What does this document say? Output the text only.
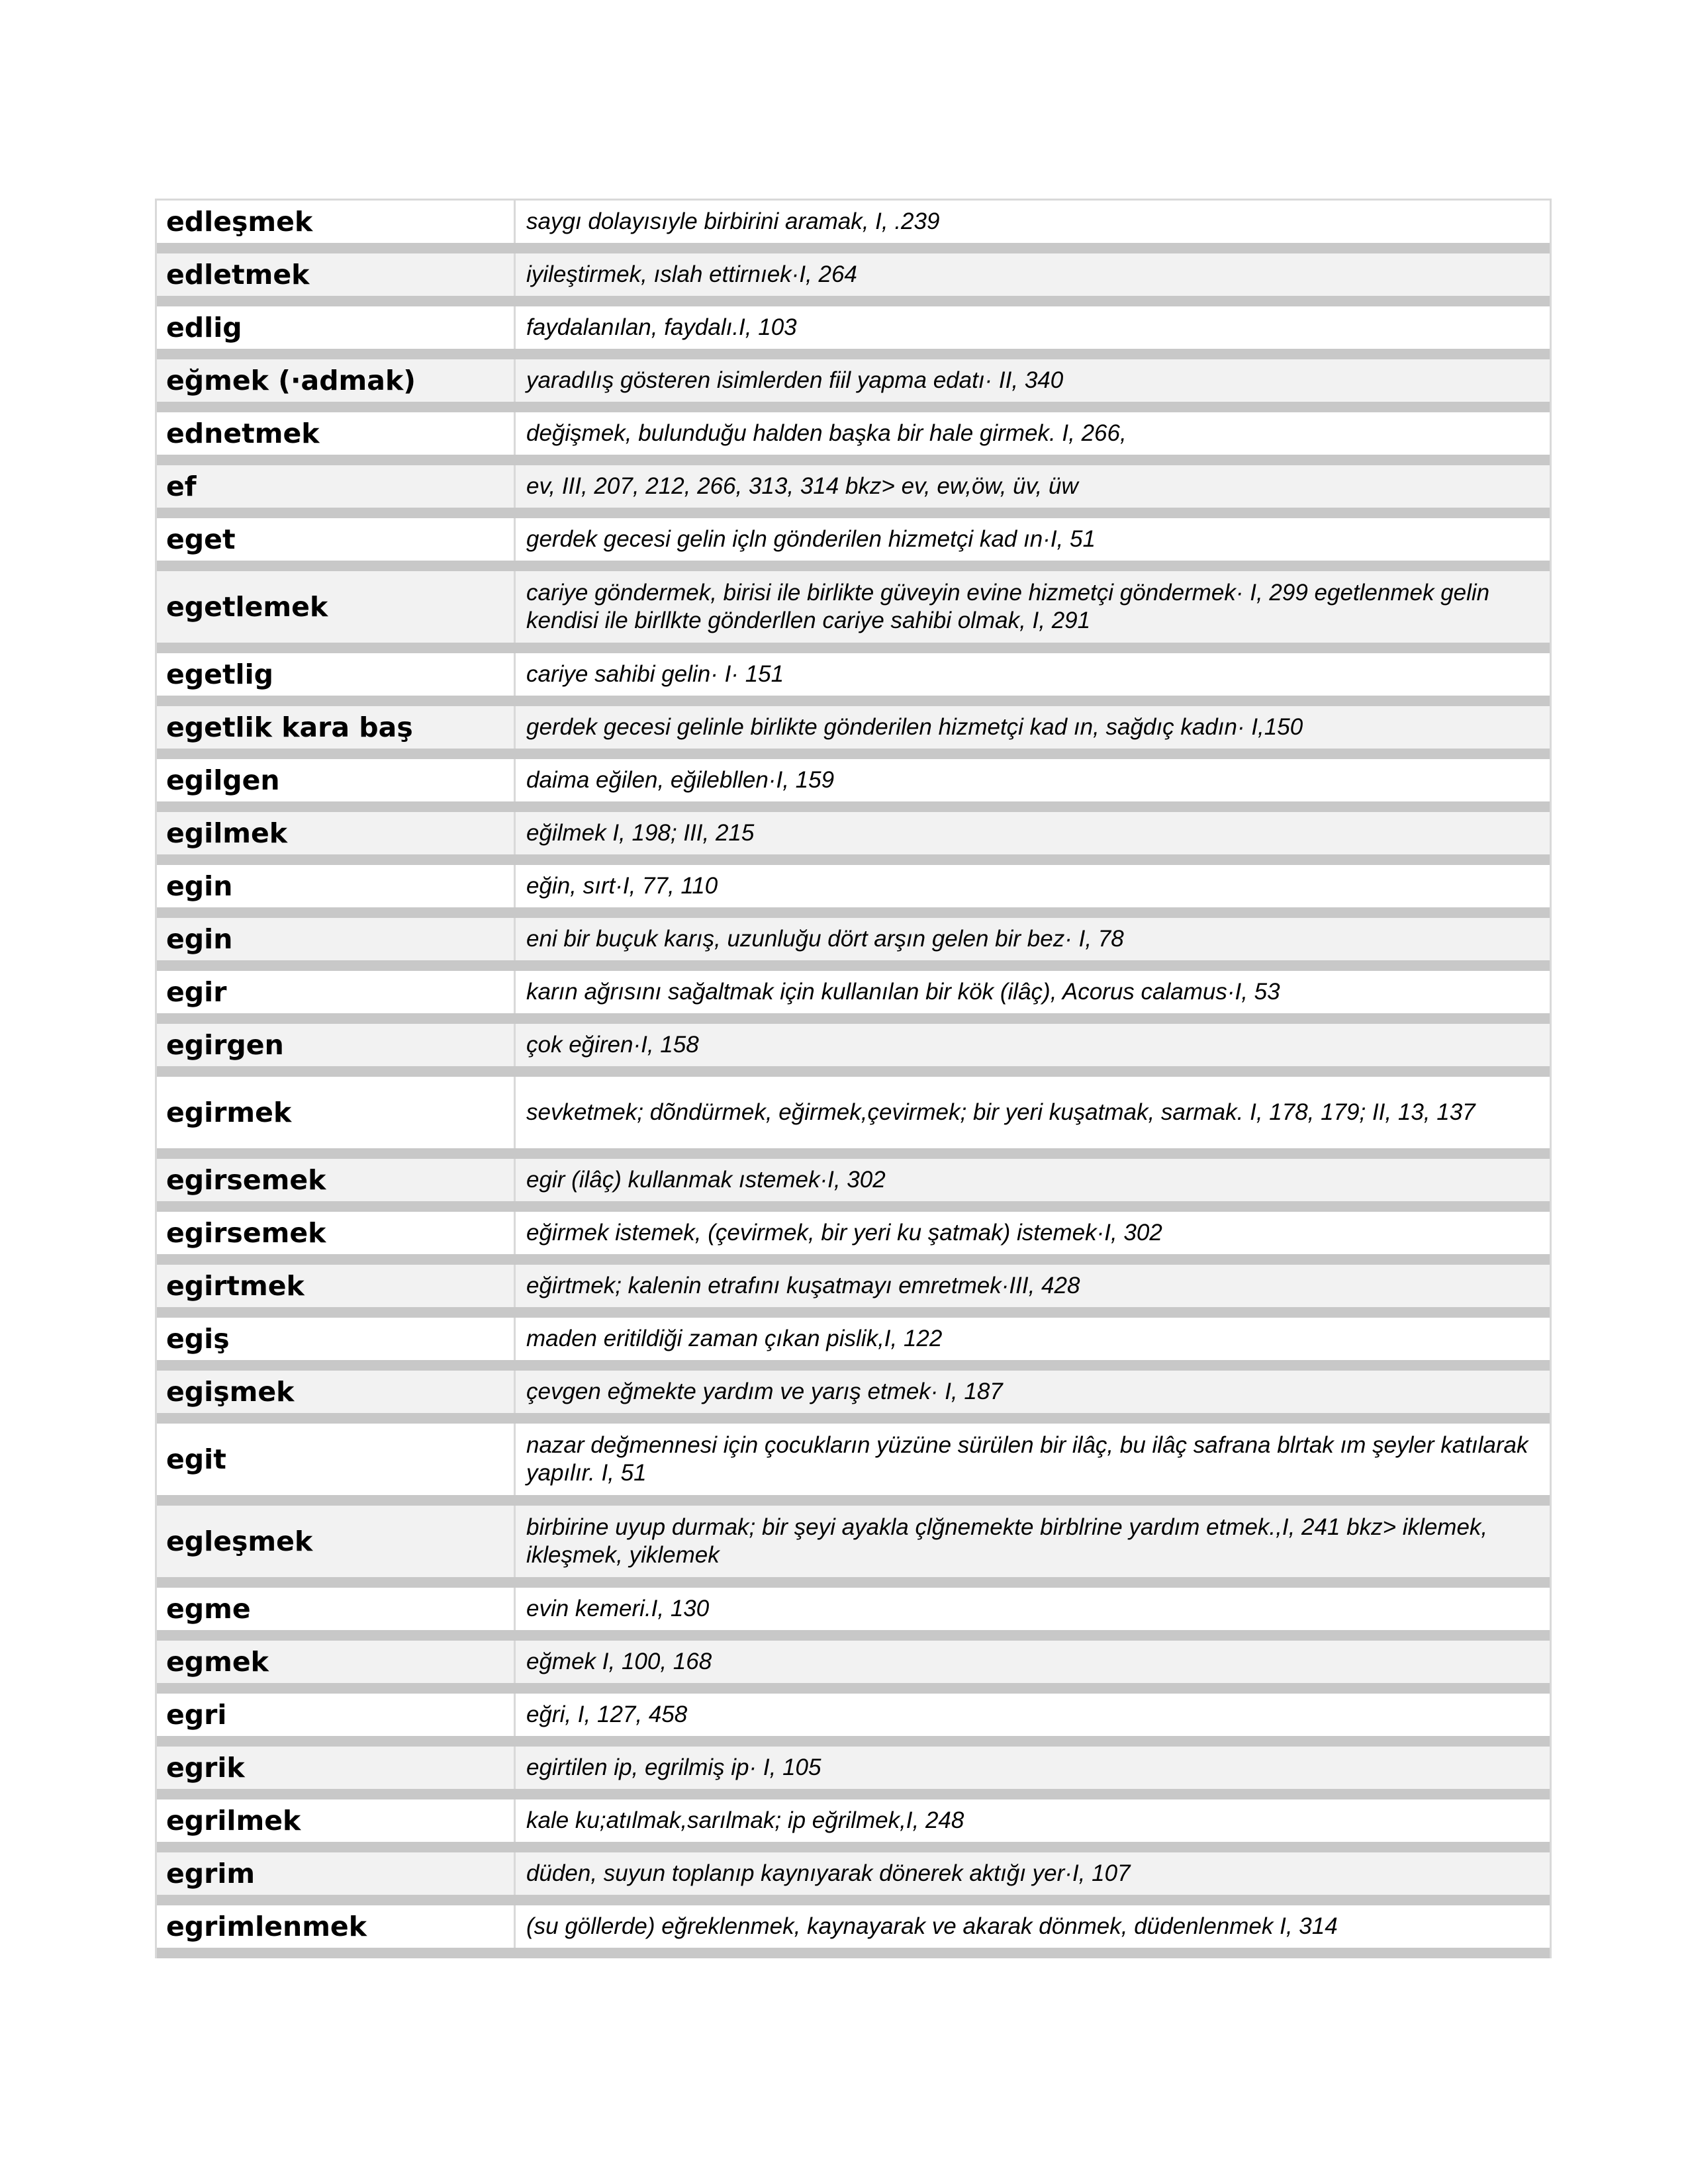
edleşmek	saygı dolayısıyle birbirini aramak, I, .239
edletmek	iyileştirmek, ıslah ettirnıek·I, 264
edlig	faydalanılan, faydalı.I, 103
eğmek (·admak)	yaradılış gösteren isimlerden fiil yapma edatı· II, 340
ednetmek	değişmek, bulunduğu halden başka bir hale girmek. I, 266,
ef	ev, III, 207, 212, 266, 313, 314 bkz> ev, ew,öw, üv, üw
eget	gerdek gecesi gelin içln gönderilen hizmetçi kad ın·I, 51
egetlemek	cariye göndermek, birisi ile birlikte güveyin evine hizmetçi göndermek· I, 299 egetlenmek gelin kendisi ile birllkte gönderllen cariye sahibi olmak, I, 291
egetlig	cariye sahibi gelin· I· 151
egetlik kara baş	gerdek gecesi gelinle birlikte gönderilen hizmetçi kad ın, sağdıç kadın· I,150
egilgen	daima eğilen, eğilebllen·I, 159
egilmek	eğilmek I, 198; III, 215
egin	eğin, sırt·I, 77, 110
egin	eni bir buçuk karış, uzunluğu dört arşın gelen bir bez· I, 78
egir	karın ağrısını sağaltmak için kullanılan bir kök (ilâç), Acorus calamus·I, 53
egirgen	çok eğiren·I, 158
egirmek	sevketmek; dõndürmek, eğirmek,çevirmek; bir yeri kuşatmak, sarmak. I, 178, 179; II, 13, 137
egirsemek	egir (ilâç) kullanmak ıstemek·I, 302
egirsemek	eğirmek istemek, (çevirmek, bir yeri ku şatmak) istemek·I, 302
egirtmek	eğirtmek; kalenin etrafını kuşatmayı emretmek·III, 428
egiş	maden eritildiği zaman çıkan pislik,I, 122
egişmek	çevgen eğmekte yardım ve yarış etmek· I, 187
egit	nazar değmennesi için çocukların yüzüne sürülen bir ilâç, bu ilâç safrana blrtak ım şeyler katılarak yapılır. I, 51
egleşmek	birbirine uyup durmak; bir şeyi ayakla çlğnemekte birblrine yardım etmek.,I, 241 bkz> iklemek, ikleşmek, yiklemek
egme	evin kemeri.I, 130
egmek	eğmek I, 100, 168
egri	eğri, I, 127, 458
egrik	egirtilen ip, egrilmiş ip· I, 105
egrilmek	kale ku;atılmak,sarılmak; ip eğrilmek,I, 248
egrim	düden, suyun toplanıp kaynıyarak dönerek aktığı yer·I, 107
egrimlenmek	(su göllerde) eğreklenmek, kaynayarak ve akarak dönmek, düdenlenmek I, 314
